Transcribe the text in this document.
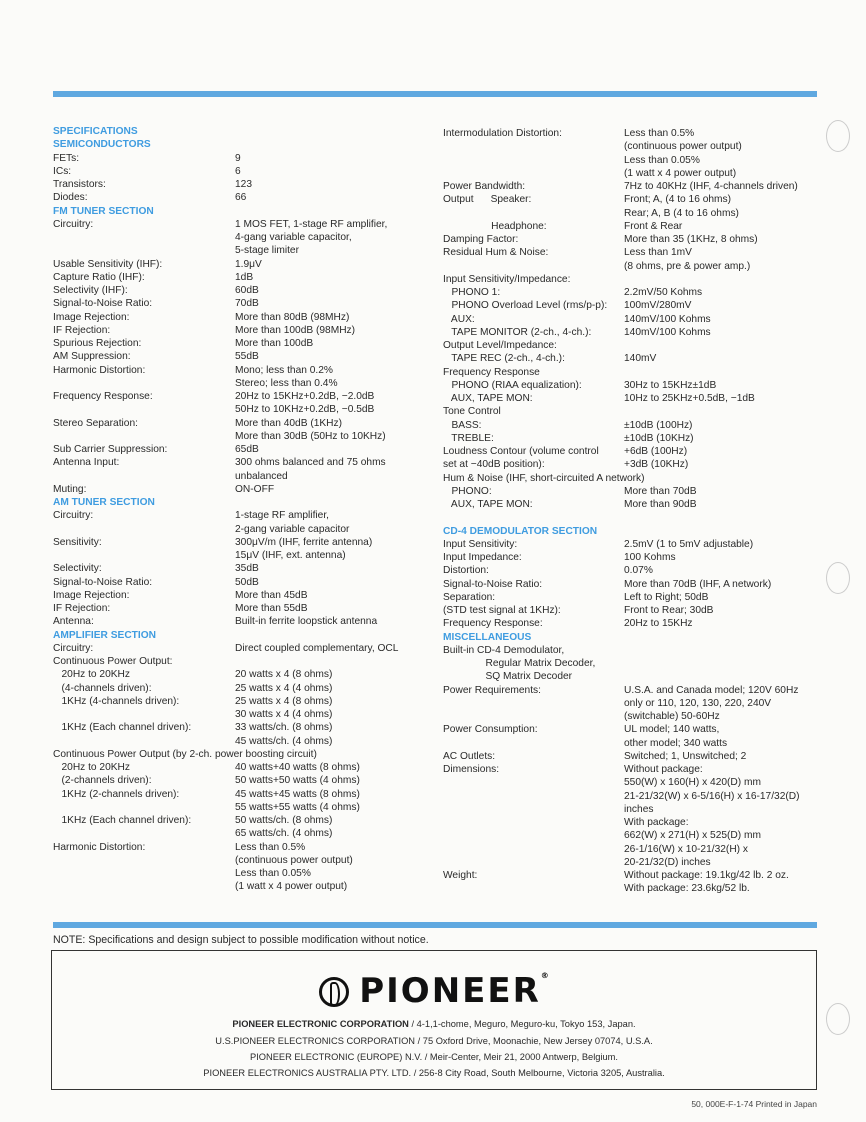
SPECIFICATIONS
SEMICONDUCTORS
FETs:	9
ICs:	6
Transistors:	123
Diodes:	66
FM TUNER SECTION
Circuitry:	1 MOS FET, 1-stage RF amplifier,
4-gang variable capacitor,
5-stage limiter
Usable Sensitivity (IHF):	1.9μV
Capture Ratio (IHF):	1dB
Selectivity (IHF):	60dB
Signal-to-Noise Ratio:	70dB
Image Rejection:	More than 80dB (98MHz)
IF Rejection:	More than 100dB (98MHz)
Spurious Rejection:	More than 100dB
AM Suppression:	55dB
Harmonic Distortion:	Mono; less than 0.2%
Stereo; less than 0.4%
Frequency Response:	20Hz to 15KHz+0.2dB, −2.0dB
50Hz to 10KHz+0.2dB, −0.5dB
Stereo Separation:	More than 40dB (1KHz)
More than 30dB (50Hz to 10KHz)
Sub Carrier Suppression:	65dB
Antenna Input:	300 ohms balanced and 75 ohms
unbalanced
Muting:	ON-OFF
AM TUNER SECTION
Circuitry:	1-stage RF amplifier,
2-gang variable capacitor
Sensitivity:	300μV/m (IHF, ferrite antenna)
15μV (IHF, ext. antenna)
Selectivity:	35dB
Signal-to-Noise Ratio:	50dB
Image Rejection:	More than 45dB
IF Rejection:	More than 55dB
Antenna:	Built-in ferrite loopstick antenna
AMPLIFIER SECTION
Circuitry:	Direct coupled complementary, OCL
Continuous Power Output:
20Hz to 20KHz	20 watts x 4 (8 ohms)
(4-channels driven):	25 watts x 4 (4 ohms)
1KHz (4-channels driven):	25 watts x 4 (8 ohms)
30 watts x 4 (4 ohms)
1KHz (Each channel driven):	33 watts/ch. (8 ohms)
45 watts/ch. (4 ohms)
Continuous Power Output (by 2-ch. power boosting circuit)
20Hz to 20KHz	40 watts+40 watts (8 ohms)
(2-channels driven):	50 watts+50 watts (4 ohms)
1KHz (2-channels driven):	45 watts+45 watts (8 ohms)
55 watts+55 watts (4 ohms)
1KHz (Each channel driven):	50 watts/ch. (8 ohms)
65 watts/ch. (4 ohms)
Harmonic Distortion:	Less than 0.5%
(continuous power output)
Less than 0.05%
(1 watt x 4 power output)
Intermodulation Distortion:	Less than 0.5%
(continuous power output)
Less than 0.05%
(1 watt x 4 power output)
Power Bandwidth:	7Hz to 40KHz (IHF, 4-channels driven)
Output      Speaker:	Front; A, (4 to 16 ohms)
Rear; A, B (4 to 16 ohms)
Headphone:	Front & Rear
Damping Factor:	More than 35 (1KHz, 8 ohms)
Residual Hum & Noise:	Less than 1mV
(8 ohms, pre & power amp.)
Input Sensitivity/Impedance:
PHONO 1:	2.2mV/50 Kohms
PHONO Overload Level (rms/p-p):	100mV/280mV
AUX:	140mV/100 Kohms
TAPE MONITOR (2-ch., 4-ch.):	140mV/100 Kohms
Output Level/Impedance:
TAPE REC (2-ch., 4-ch.):	140mV
Frequency Response
PHONO (RIAA equalization):	30Hz to 15KHz±1dB
AUX, TAPE MON:	10Hz to 25KHz+0.5dB, −1dB
Tone Control
BASS:	±10dB (100Hz)
TREBLE:	±10dB (10KHz)
Loudness Contour (volume control	+6dB (100Hz)
set at −40dB position):	+3dB (10KHz)
Hum & Noise (IHF, short-circuited A network)
PHONO:	More than 70dB
AUX, TAPE MON:	More than 90dB

CD-4 DEMODULATOR SECTION
Input Sensitivity:	2.5mV (1 to 5mV adjustable)
Input Impedance:	100 Kohms
Distortion:	0.07%
Signal-to-Noise Ratio:	More than 70dB (IHF, A network)
Separation:	Left to Right; 50dB
(STD test signal at 1KHz):	Front to Rear; 30dB
Frequency Response:	20Hz to 15KHz
MISCELLANEOUS
Built-in CD-4 Demodulator,
Regular Matrix Decoder,
SQ Matrix Decoder
Power Requirements:	U.S.A. and Canada model; 120V 60Hz
only or 110, 120, 130, 220, 240V
(switchable) 50-60Hz
Power Consumption:	UL model; 140 watts,
other model; 340 watts
AC Outlets:	Switched; 1, Unswitched; 2
Dimensions:	Without package:
550(W) x 160(H) x 420(D) mm
21-21/32(W) x 6-5/16(H) x 16-17/32(D)
inches
With package:
662(W) x 271(H) x 525(D) mm
26-1/16(W) x 10-21/32(H) x
20-21/32(D) inches
Weight:	Without package: 19.1kg/42 lb. 2 oz.
With package: 23.6kg/52 lb.
NOTE: Specifications and design subject to possible modification without notice.
PIONEER®
PIONEER ELECTRONIC CORPORATION / 4-1,1-chome, Meguro, Meguro-ku, Tokyo 153, Japan.
U.S.PIONEER ELECTRONICS CORPORATION / 75 Oxford Drive, Moonachie, New Jersey 07074, U.S.A.
PIONEER ELECTRONIC (EUROPE) N.V. / Meir-Center, Meir 21, 2000 Antwerp, Belgium.
PIONEER ELECTRONICS AUSTRALIA PTY. LTD. / 256-8 City Road, South Melbourne, Victoria 3205, Australia.
50, 000E-F-1-74 Printed in Japan
